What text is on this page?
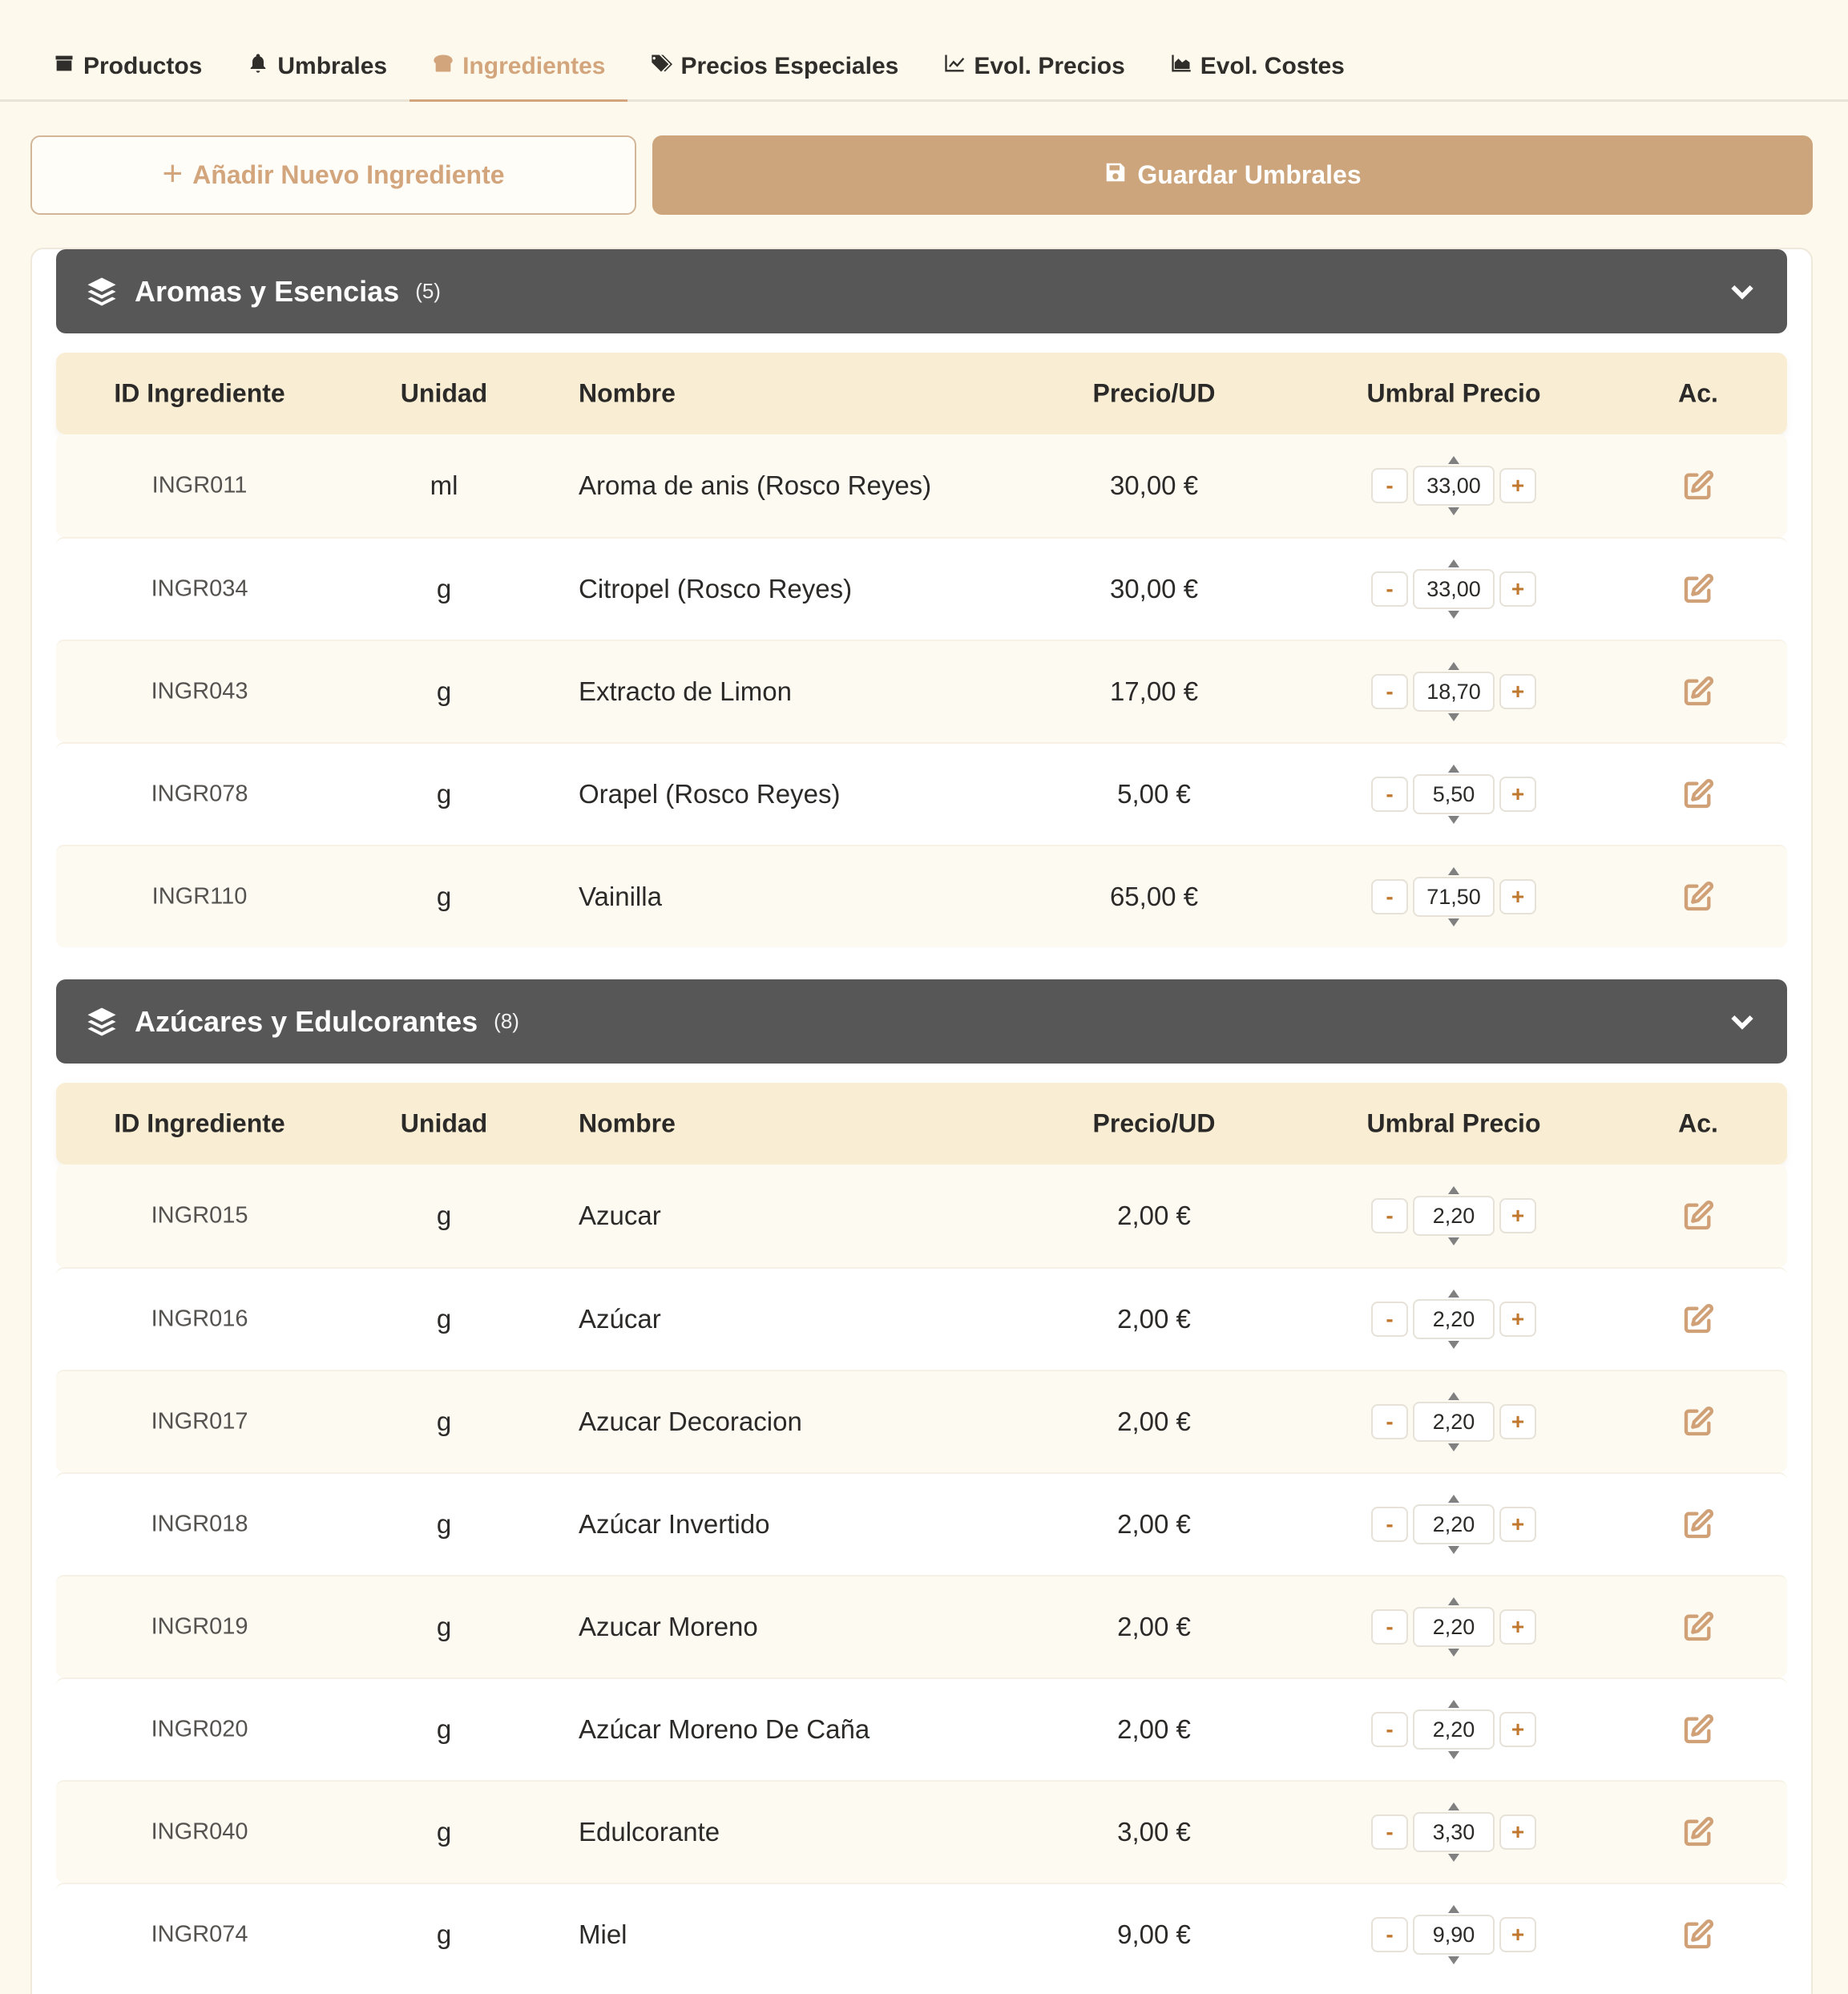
Productos	Umbrales	Ingredientes	Precios Especiales	Evol. Precios	Evol. Costes
+ Añadir Nuevo Ingrediente	Guardar Umbrales
Aromas y Esencias (5)
ID Ingrediente	Unidad	Nombre	Precio/UD	Umbral Precio	Ac.
INGR011	ml	Aroma de anis (Rosco Reyes)	30,00 €	-	33,00	+
INGR034	g	Citropel (Rosco Reyes)	30,00 €	-	33,00	+
INGR043	g	Extracto de Limon	17,00 €	-	18,70	+
INGR078	g	Orapel (Rosco Reyes)	5,00 €	-	5,50	+
INGR110	g	Vainilla	65,00 €	-	71,50	+
Azúcares y Edulcorantes (8)
ID Ingrediente	Unidad	Nombre	Precio/UD	Umbral Precio	Ac.
INGR015	g	Azucar	2,00 €	-	2,20	+
INGR016	g	Azúcar	2,00 €	-	2,20	+
INGR017	g	Azucar Decoracion	2,00 €	-	2,20	+
INGR018	g	Azúcar Invertido	2,00 €	-	2,20	+
INGR019	g	Azucar Moreno	2,00 €	-	2,20	+
INGR020	g	Azúcar Moreno De Caña	2,00 €	-	2,20	+
INGR040	g	Edulcorante	3,00 €	-	3,30	+
INGR074	g	Miel	9,00 €	-	9,90	+
